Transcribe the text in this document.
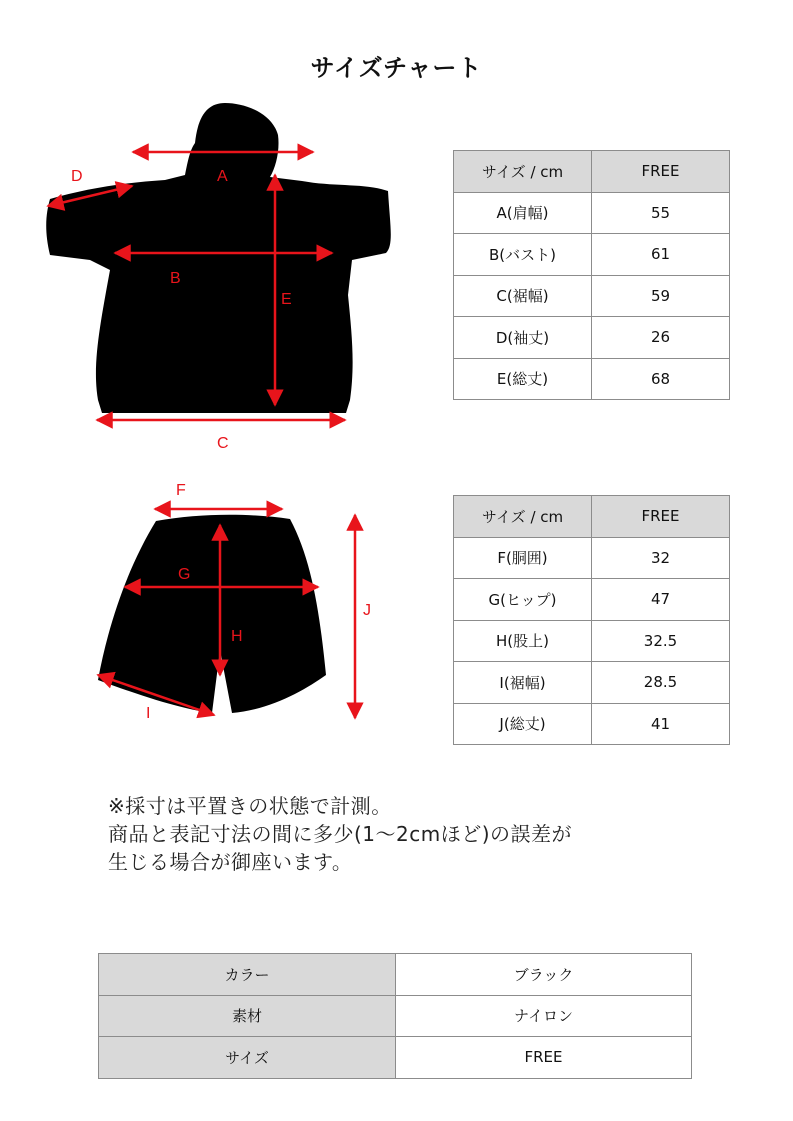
サイズチャート
A
D
B
E
C
F
G
H
I
J
サイズ / cm	FREE
A(肩幅)	55
B(バスト)	61
C(裾幅)	59
D(袖丈)	26
E(総丈)	68
サイズ / cm	FREE
F(胴囲)	32
G(ヒップ)	47
H(股上)	32.5
I(裾幅)	28.5
J(総丈)	41
※採寸は平置きの状態で計測。
商品と表記寸法の間に多少(1～2cmほど)の誤差が
生じる場合が御座います。
カラー	ブラック
素材	ナイロン
サイズ	FREE
